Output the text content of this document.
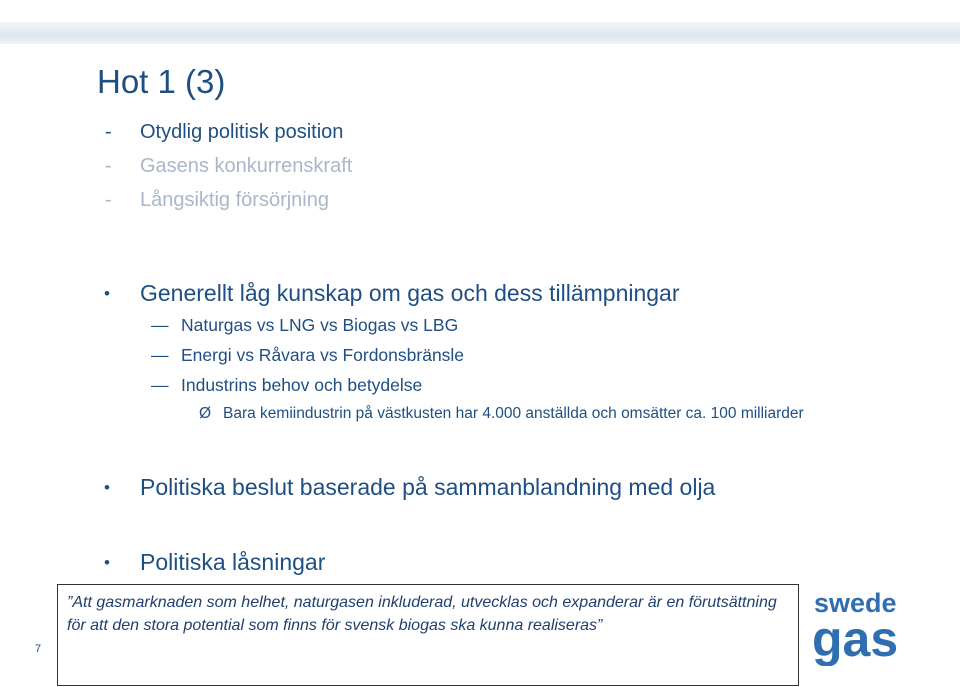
Hot 1 (3)
- Otydlig politisk position
- Gasens konkurrenskraft
- Långsiktig försörjning
• Generellt låg kunskap om gas och dess tillämpningar
— Naturgas vs LNG vs Biogas vs LBG
— Energi vs Råvara vs Fordonsbränsle
— Industrins behov och betydelse
Ø Bara kemiindustrin på västkusten har 4.000 anställda och omsätter ca. 100 milliarder
• Politiska beslut baserade på sammanblandning med olja
• Politiska låsningar
7
”Att gasmarknaden som helhet, naturgasen inkluderad, utvecklas och expanderar är en förutsättning för att den stora potential som finns för svensk biogas ska kunna realiseras”
swede
gas
